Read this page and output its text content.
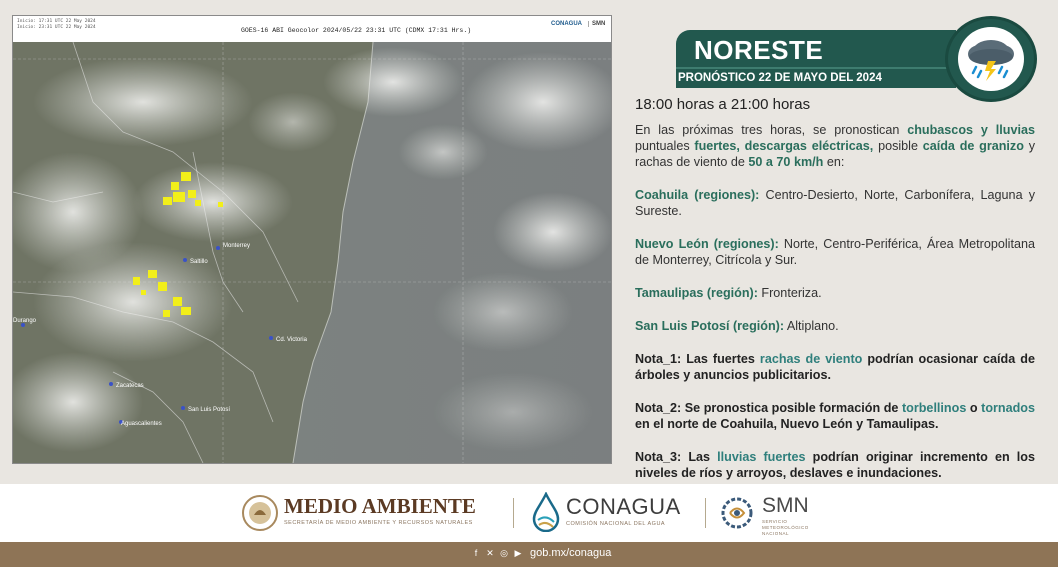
Inicio: 17:31 UTC 22 May 2024
Inicio: 23:31 UTC 22 May 2024	GOES-16 ABI Geocolor 2024/05/22 23:31 UTC (CDMX 17:31 Hrs.)
CONAGUA	SMN
Monterrey
Saltillo
Durango
Cd. Victoria
Zacatecas
San Luis Potosí
Aguascalientes
NORESTE
PRONÓSTICO 22 DE MAYO DEL 2024
18:00 horas a 21:00 horas
En las próximas tres horas, se pronostican chubascos y lluvias puntuales fuertes, descargas eléctricas, posible caída de granizo y rachas de viento de 50 a 70 km/h en:
Coahuila (regiones): Centro-Desierto, Norte, Carbonífera, Laguna y Sureste.
Nuevo León (regiones): Norte, Centro-Periférica, Área Metropolitana de Monterrey, Citrícola y Sur.
Tamaulipas (región): Fronteriza.
San Luis Potosí (región): Altiplano.
Nota_1: Las fuertes rachas de viento podrían ocasionar caída de árboles y anuncios publicitarios.
Nota_2: Se pronostica posible formación de torbellinos o tornados en el norte de Coahuila, Nuevo León y Tamaulipas.
Nota_3: Las lluvias fuertes podrían originar incremento en los niveles de ríos y arroyos, deslaves e inundaciones.
MEDIO AMBIENTE
SECRETARÍA DE MEDIO AMBIENTE Y RECURSOS NATURALES
CONAGUA
COMISIÓN NACIONAL DEL AGUA
SMN
SERVICIO
METEOROLÓGICO
NACIONAL
f ✕ ◎ ▶ gob.mx/conagua
